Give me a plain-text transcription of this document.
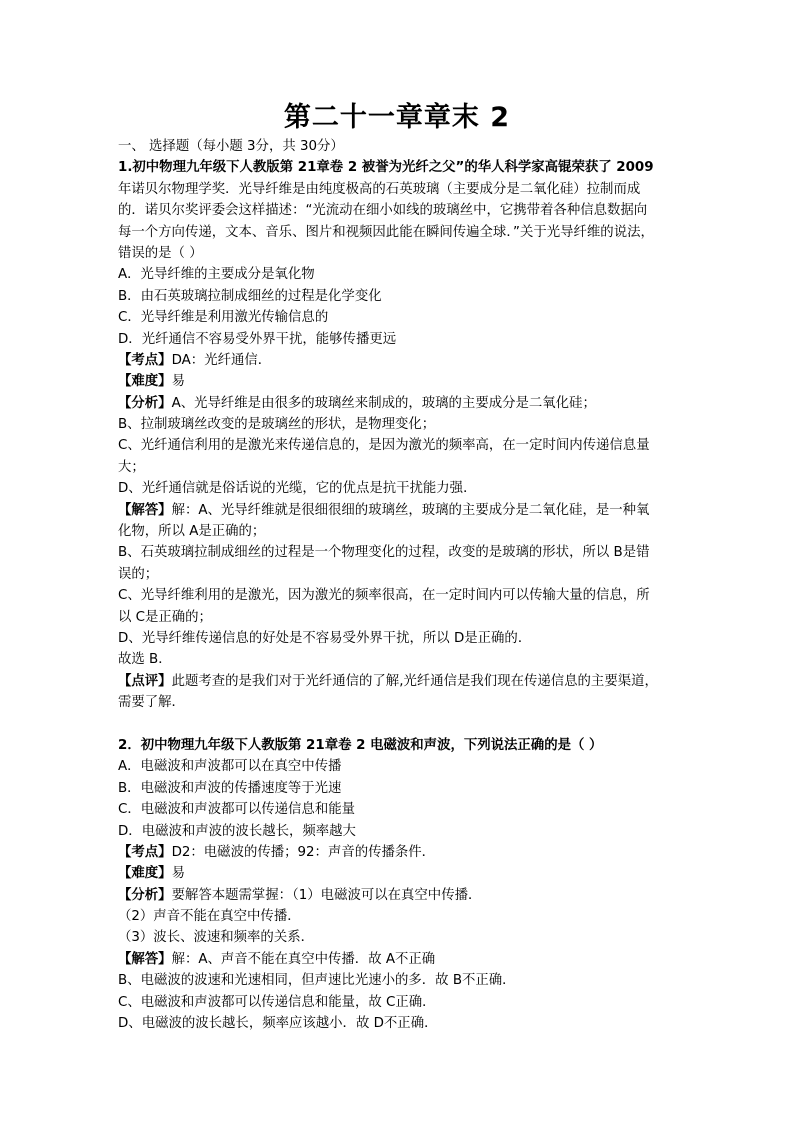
第二十一章章末 2
一、 选择题（每小题 3分，共 30分）
1.初中物理九年级下人教版第 21章卷 2 被誉为光纤之父”的华人科学家高锟荣获了 2009
年诺贝尔物理学奖．光导纤维是由纯度极高的石英玻璃（主要成分是二氧化硅）拉制而成
的．诺贝尔奖评委会这样描述：“光流动在细小如线的玻璃丝中，它携带着各种信息数据向
每一个方向传递，文本、音乐、图片和视频因此能在瞬间传遍全球．”关于光导纤维的说法，
错误的是（ ）
A．光导纤维的主要成分是氧化物
B．由石英玻璃拉制成细丝的过程是化学变化
C．光导纤维是利用激光传输信息的
D．光纤通信不容易受外界干扰，能够传播更远
【考点】DA：光纤通信．
【难度】易
【分析】A、光导纤维是由很多的玻璃丝来制成的，玻璃的主要成分是二氧化硅；
B、拉制玻璃丝改变的是玻璃丝的形状，是物理变化；
C、光纤通信利用的是激光来传递信息的，是因为激光的频率高，在一定时间内传递信息量
大；
D、光纤通信就是俗话说的光缆，它的优点是抗干扰能力强．
【解答】解：A、光导纤维就是很细很细的玻璃丝，玻璃的主要成分是二氧化硅，是一种氧
化物，所以 A是正确的；
B、石英玻璃拉制成细丝的过程是一个物理变化的过程，改变的是玻璃的形状，所以 B是错
误的；
C、光导纤维利用的是激光，因为激光的频率很高，在一定时间内可以传输大量的信息，所
以 C是正确的；
D、光导纤维传递信息的好处是不容易受外界干扰，所以 D是正确的．
故选 B．
【点评】此题考查的是我们对于光纤通信的了解,光纤通信是我们现在传递信息的主要渠道，
需要了解．
2．初中物理九年级下人教版第 21章卷 2 电磁波和声波，下列说法正确的是（ ）
A．电磁波和声波都可以在真空中传播
B．电磁波和声波的传播速度等于光速
C．电磁波和声波都可以传递信息和能量
D．电磁波和声波的波长越长，频率越大
【考点】D2：电磁波的传播；92：声音的传播条件．
【难度】易
【分析】要解答本题需掌握：（1）电磁波可以在真空中传播．
（2）声音不能在真空中传播．
（3）波长、波速和频率的关系．
【解答】解：A、声音不能在真空中传播．故 A不正确
B、电磁波的波速和光速相同，但声速比光速小的多．故 B不正确．
C、电磁波和声波都可以传递信息和能量，故 C正确．
D、电磁波的波长越长，频率应该越小．故 D不正确．
